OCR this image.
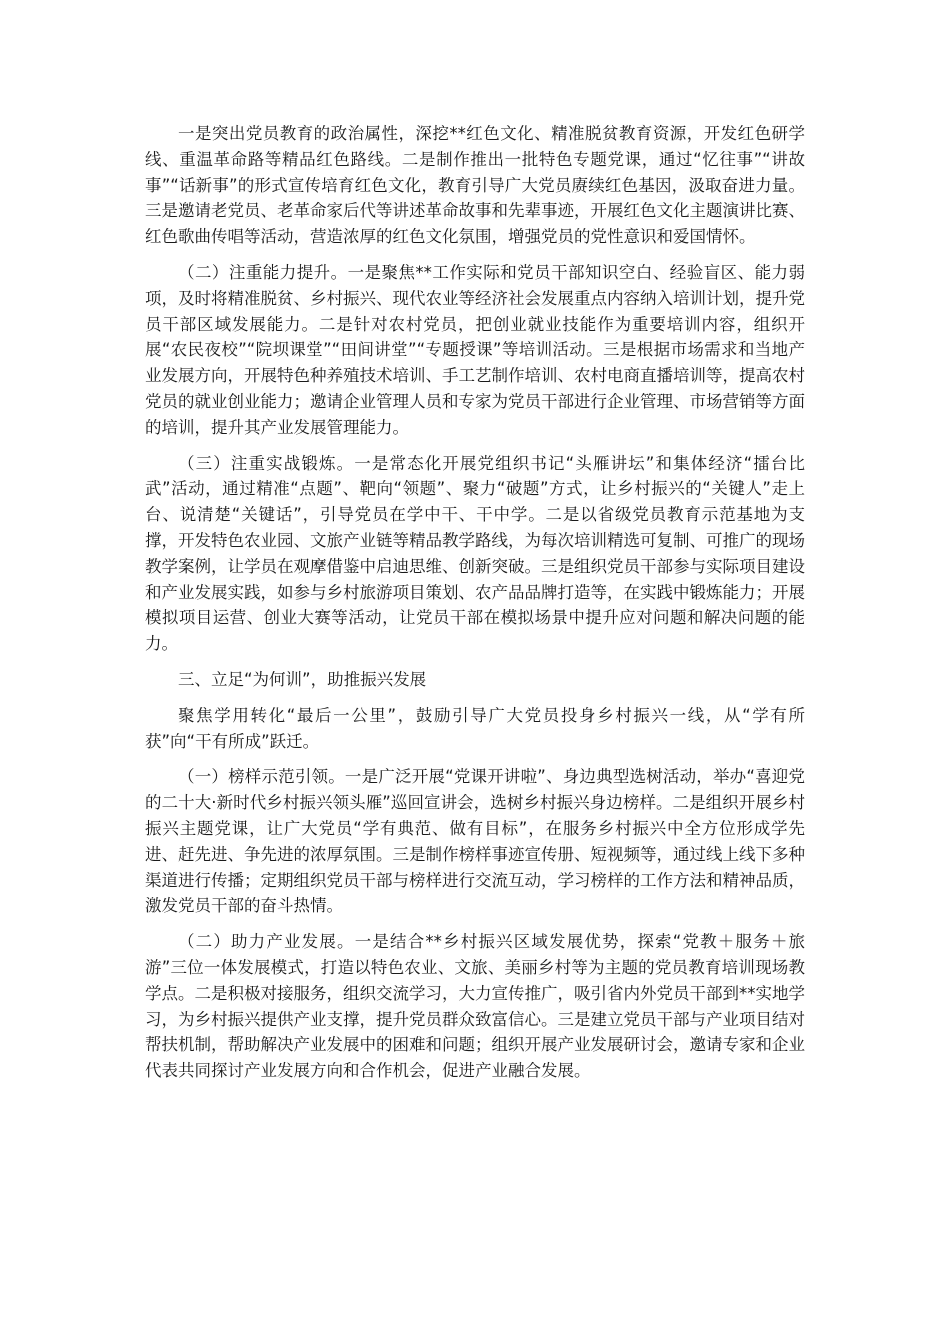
一是突出党员教育的政治属性，深挖**红色文化、精准脱贫教育资源，开发红色研学线、重温革命路等精品红色路线。二是制作推出一批特色专题党课，通过“忆往事”“讲故事”“话新事”的形式宣传培育红色文化，教育引导广大党员赓续红色基因，汲取奋进力量。三是邀请老党员、老革命家后代等讲述革命故事和先辈事迹，开展红色文化主题演讲比赛、红色歌曲传唱等活动，营造浓厚的红色文化氛围，增强党员的党性意识和爱国情怀。

（二）注重能力提升。一是聚焦**工作实际和党员干部知识空白、经验盲区、能力弱项，及时将精准脱贫、乡村振兴、现代农业等经济社会发展重点内容纳入培训计划，提升党员干部区域发展能力。二是针对农村党员，把创业就业技能作为重要培训内容，组织开展“农民夜校”“院坝课堂”“田间讲堂”“专题授课”等培训活动。三是根据市场需求和当地产业发展方向，开展特色种养殖技术培训、手工艺制作培训、农村电商直播培训等，提高农村党员的就业创业能力；邀请企业管理人员和专家为党员干部进行企业管理、市场营销等方面的培训，提升其产业发展管理能力。

（三）注重实战锻炼。一是常态化开展党组织书记“头雁讲坛”和集体经济“擂台比武”活动，通过精准“点题”、靶向“领题”、聚力“破题”方式，让乡村振兴的“关键人”走上台、说清楚“关键话”，引导党员在学中干、干中学。二是以省级党员教育示范基地为支撑，开发特色农业园、文旅产业链等精品教学路线，为每次培训精选可复制、可推广的现场教学案例，让学员在观摩借鉴中启迪思维、创新突破。三是组织党员干部参与实际项目建设和产业发展实践，如参与乡村旅游项目策划、农产品品牌打造等，在实践中锻炼能力；开展模拟项目运营、创业大赛等活动，让党员干部在模拟场景中提升应对问题和解决问题的能力。

三、立足“为何训”，助推振兴发展

聚焦学用转化“最后一公里”，鼓励引导广大党员投身乡村振兴一线，从“学有所获”向“干有所成”跃迁。

（一）榜样示范引领。一是广泛开展“党课开讲啦”、身边典型选树活动，举办“喜迎党的二十大·新时代乡村振兴领头雁”巡回宣讲会，选树乡村振兴身边榜样。二是组织开展乡村振兴主题党课，让广大党员“学有典范、做有目标”，在服务乡村振兴中全方位形成学先进、赶先进、争先进的浓厚氛围。三是制作榜样事迹宣传册、短视频等，通过线上线下多种渠道进行传播；定期组织党员干部与榜样进行交流互动，学习榜样的工作方法和精神品质，激发党员干部的奋斗热情。

（二）助力产业发展。一是结合**乡村振兴区域发展优势，探索“党教＋服务＋旅游”三位一体发展模式，打造以特色农业、文旅、美丽乡村等为主题的党员教育培训现场教学点。二是积极对接服务，组织交流学习，大力宣传推广，吸引省内外党员干部到**实地学习，为乡村振兴提供产业支撑，提升党员群众致富信心。三是建立党员干部与产业项目结对帮扶机制，帮助解决产业发展中的困难和问题；组织开展产业发展研讨会，邀请专家和企业代表共同探讨产业发展方向和合作机会，促进产业融合发展。
